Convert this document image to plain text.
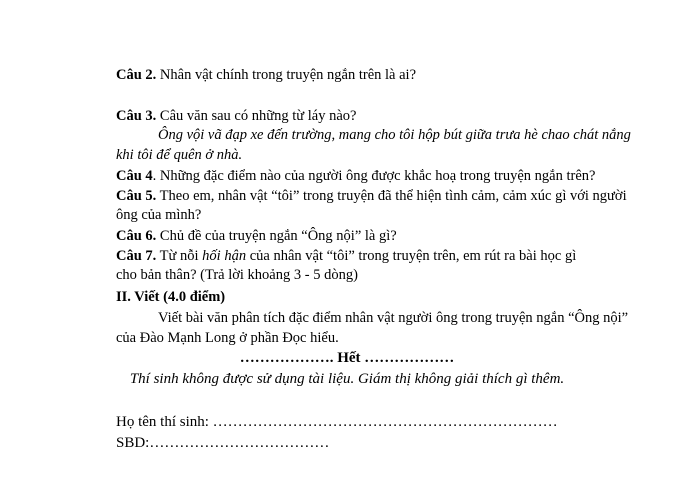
Câu 2. Nhân vật chính trong truyện ngắn trên là ai?
Câu 3. Câu văn sau có những từ láy nào?
Ông vội vã đạp xe đến trường, mang cho tôi hộp bút giữa trưa hè chao chát nắng
khi tôi để quên ở nhà.
Câu 4. Những đặc điểm nào của người ông được khắc hoạ trong truyện ngắn trên?
Câu 5. Theo em, nhân vật “tôi” trong truyện đã thể hiện tình cảm, cảm xúc gì với người
ông của mình?
Câu 6. Chủ đề của truyện ngắn “Ông nội” là gì?
Câu 7. Từ nỗi hối hận của nhân vật “tôi” trong truyện trên, em rút ra bài học gì
cho bản thân? (Trả lời khoảng 3 - 5 dòng)
II. Viết (4.0 điểm)
Viết bài văn phân tích đặc điểm nhân vật người ông trong truyện ngắn “Ông nội”
của Đào Mạnh Long ở phần Đọc hiểu.
………………. Hết ………………
Thí sinh không được sử dụng tài liệu. Giám thị không giải thích gì thêm.
Họ tên thí sinh: ……………………………………………………………
SBD:………………………………
